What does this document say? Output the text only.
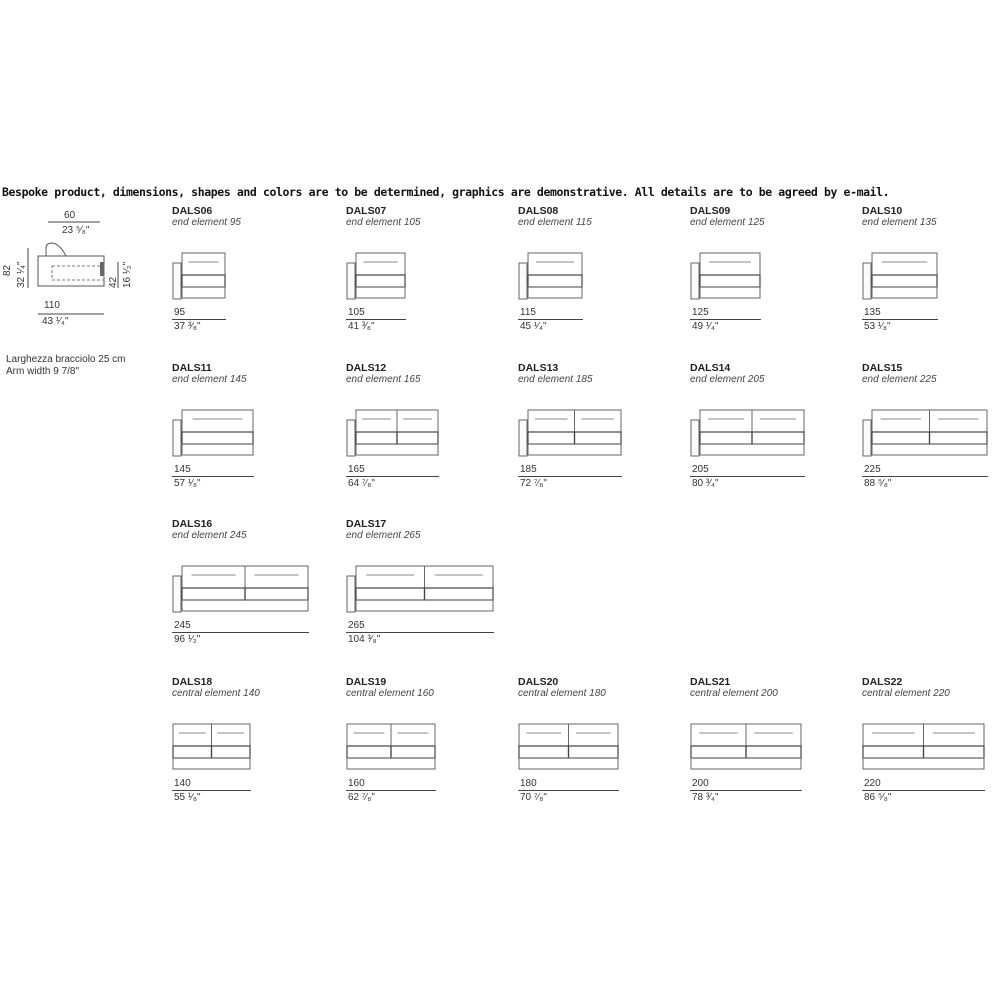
Bespoke product, dimensions, shapes and colors are to be determined, graphics are demonstrative. All details are to be agreed by e-mail.
60
23 ⁵⁄₈"
82 32 ¹⁄₄"	42 16 ¹⁄₂"
110
43 ¹⁄₄"
Larghezza bracciolo 25 cm
Arm width 9 7/8"
DALS06
end element 95
95
37 ³⁄₈"
DALS07
end element 105
105
41 ³⁄₈"
DALS08
end element 115
115
45 ¹⁄₄"
DALS09
end element 125
125
49 ¹⁄₄"
DALS10
end element 135
135
53 ¹⁄₈"
DALS11
end element 145
145
57 ¹⁄₈"
DALS12
end element 165
165
64 ⁷⁄₈"
DALS13
end element 185
185
72 ⁷⁄₈"
DALS14
end element 205
205
80 ³⁄₄"
DALS15
end element 225
225
88 ⁵⁄₈"
DALS16
end element 245
245
96 ¹⁄₂"
DALS17
end element 265
265
104 ³⁄₈"
DALS18
central element 140
140
55 ¹⁄₈"
DALS19
central element 160
160
62 ⁷⁄₈"
DALS20
central element 180
180
70 ⁷⁄₈"
DALS21
central element 200
200
78 ³⁄₄"
DALS22
central element 220
220
86 ⁵⁄₈"
